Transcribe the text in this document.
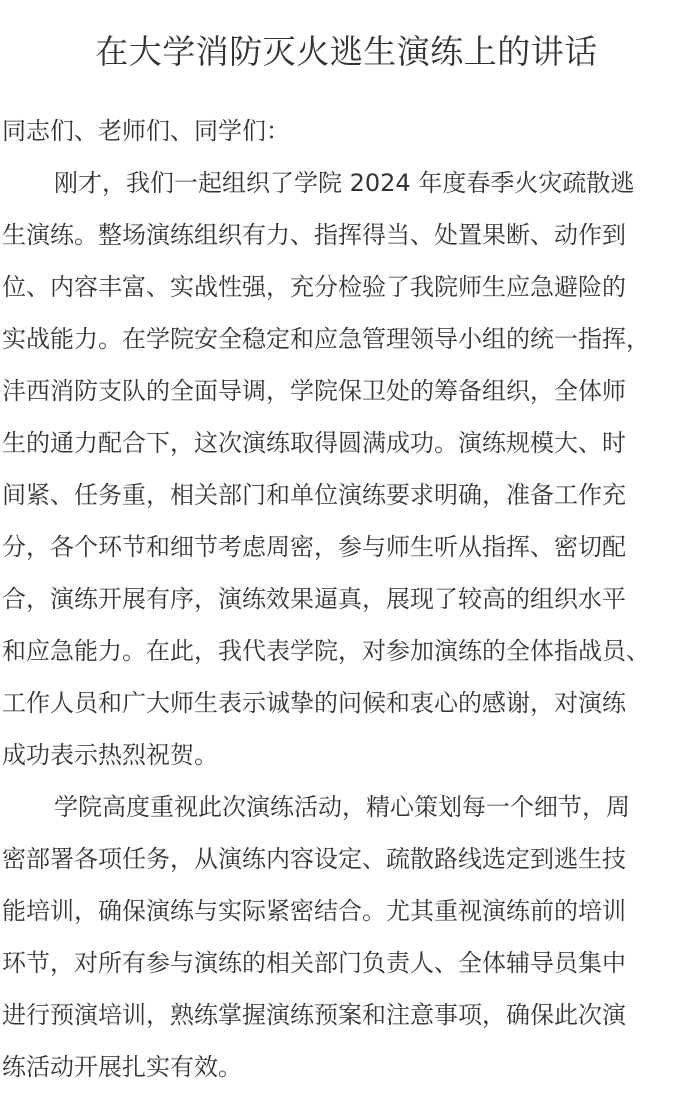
在大学消防灭火逃生演练上的讲话
同志们、老师们、同学们：
刚才，我们一起组织了学院 2024 年度春季火灾疏散逃
生演练。整场演练组织有力、指挥得当、处置果断、动作到
位、内容丰富、实战性强，充分检验了我院师生应急避险的
实战能力。在学院安全稳定和应急管理领导小组的统一指挥，
沣西消防支队的全面导调，学院保卫处的筹备组织，全体师
生的通力配合下，这次演练取得圆满成功。演练规模大、时
间紧、任务重，相关部门和单位演练要求明确，准备工作充
分，各个环节和细节考虑周密，参与师生听从指挥、密切配
合，演练开展有序，演练效果逼真，展现了较高的组织水平
和应急能力。在此，我代表学院，对参加演练的全体指战员、
工作人员和广大师生表示诚挚的问候和衷心的感谢，对演练
成功表示热烈祝贺。
学院高度重视此次演练活动，精心策划每一个细节，周
密部署各项任务，从演练内容设定、疏散路线选定到逃生技
能培训，确保演练与实际紧密结合。尤其重视演练前的培训
环节，对所有参与演练的相关部门负责人、全体辅导员集中
进行预演培训，熟练掌握演练预案和注意事项，确保此次演
练活动开展扎实有效。
